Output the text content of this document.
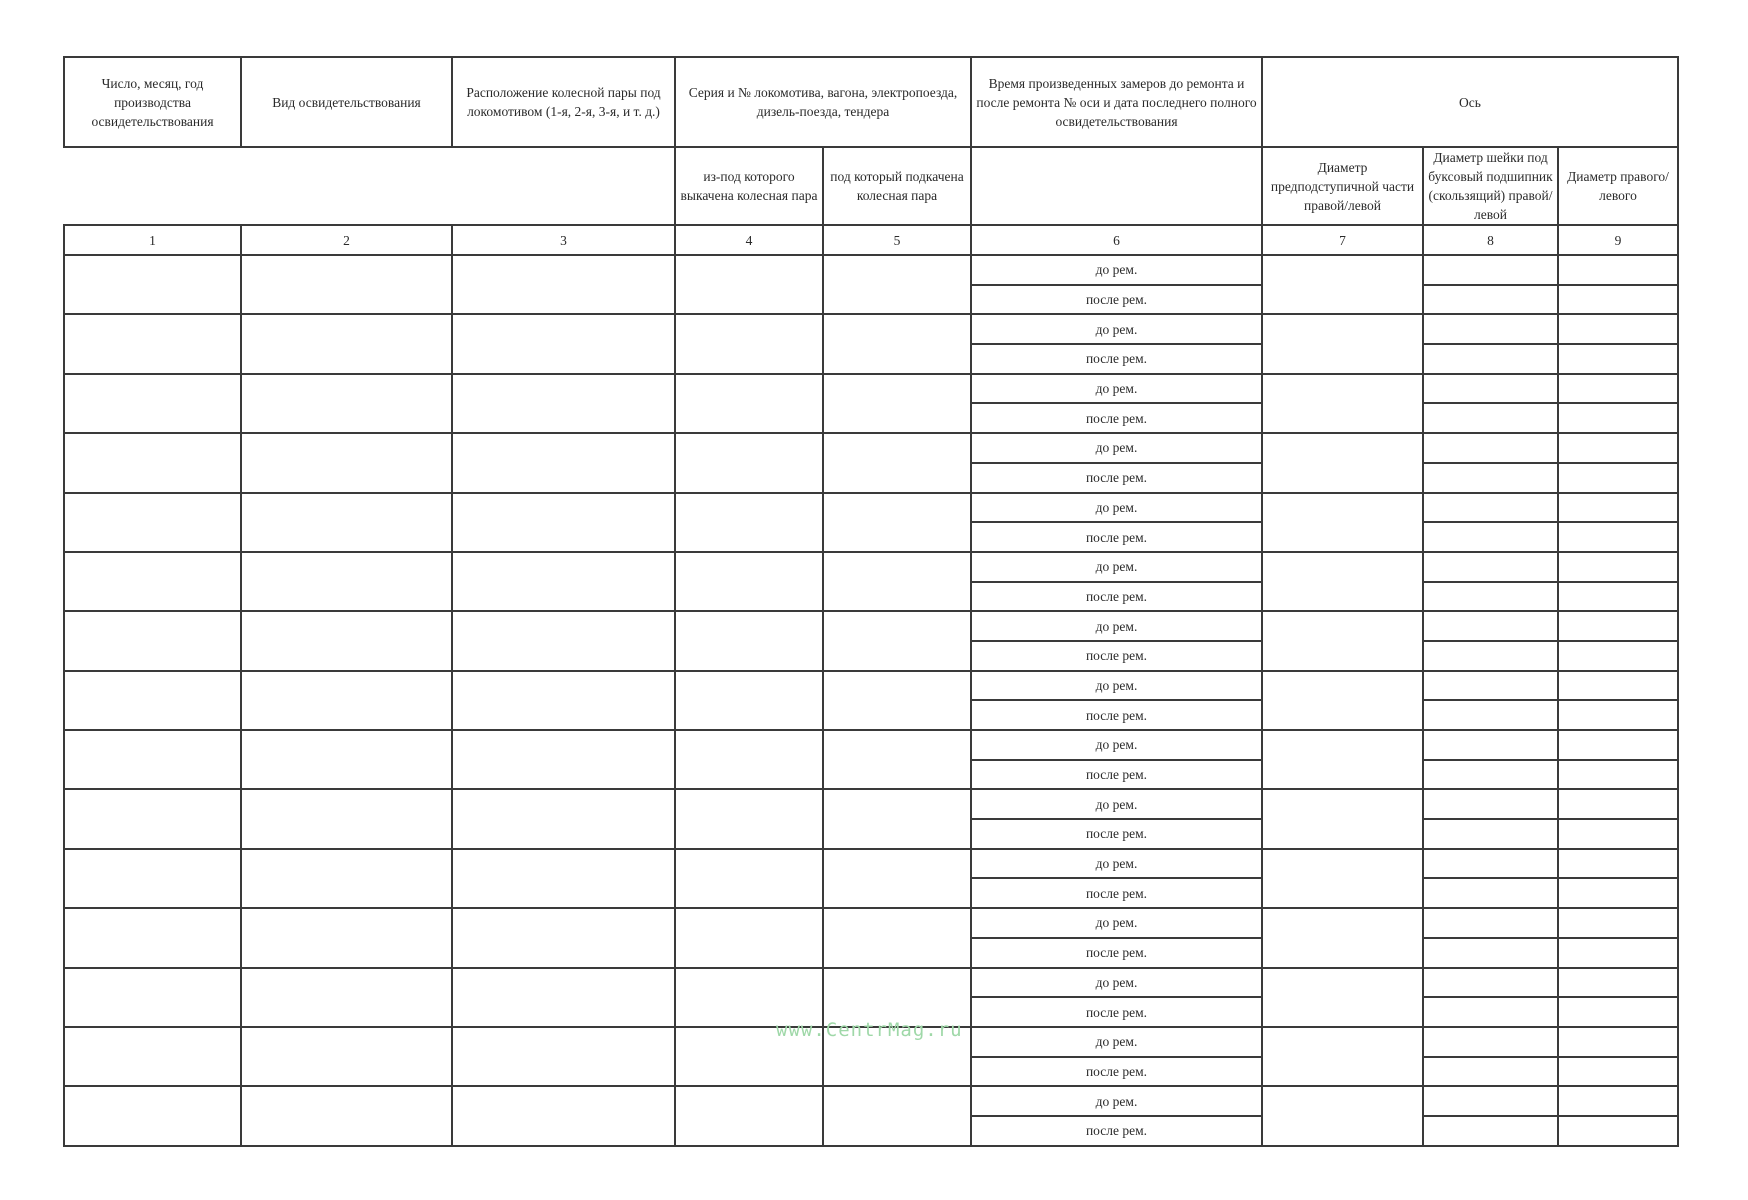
Число, месяц, год производства освидетельствования	Вид освидетельствования	Расположение колесной пары под локомотивом (1-я, 2-я, 3-я, и т. д.)	Серия и № локомотива, вагона, электропоезда, дизель-поезда, тендера		Время произведенных замеров до ремонта и после ремонта № оси и дата последнего полного освидетельствования	Ось		
			из-под которого выкачена колесная пара	под который подкачена колесная пара		Диаметр предподступичной части правой/левой	Диаметр шейки под буксовый подшипник (скользящий) правой/левой	Диаметр правого/ левого

1	2	3	4	5	6	7	8	9
					до рем.			
					после рем.			
					до рем.			
					после рем.			
					до рем.			
					после рем.			
					до рем.			
					после рем.			
					до рем.			
					после рем.			
					до рем.			
					после рем.			
					до рем.			
					после рем.			
					до рем.			
					после рем.			
					до рем.			
					после рем.			
					до рем.			
					после рем.			
					до рем.			
					после рем.			
					до рем.			
					после рем.			
					до рем.			
					после рем.			
					до рем.			
					после рем.			
					до рем.			
					после рем.			
www.CentrMag.ru
